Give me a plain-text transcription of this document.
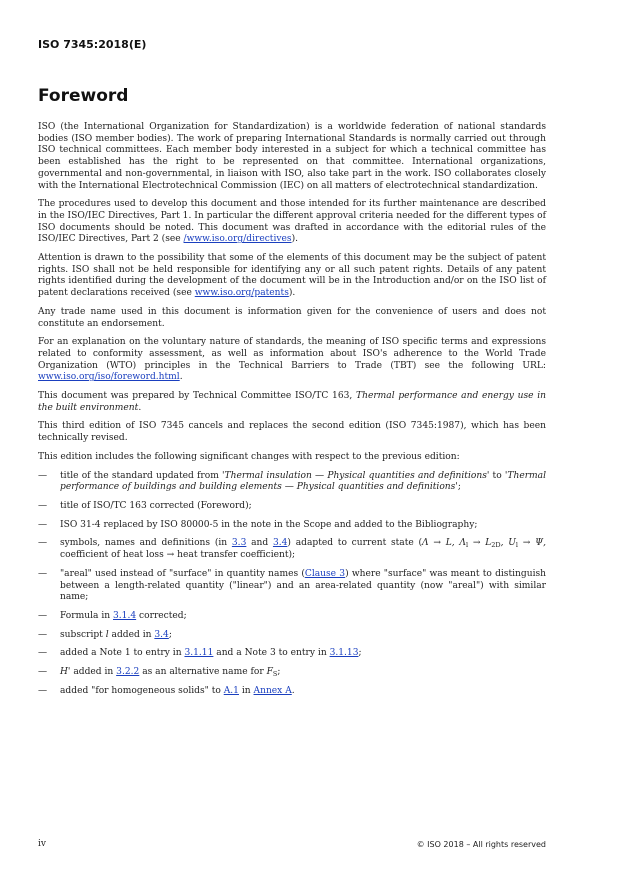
ISO 7345:2018(E)
Foreword

ISO (the International Organization for Standardization) is a worldwide federation of national standards bodies (ISO member bodies). The work of preparing International Standards is normally carried out through ISO technical committees. Each member body interested in a subject for which a technical committee has been established has the right to be represented on that committee. International organizations, governmental and non-governmental, in liaison with ISO, also take part in the work. ISO collaborates closely with the International Electrotechnical Commission (IEC) on all matters of electrotechnical standardization.

The procedures used to develop this document and those intended for its further maintenance are described in the ISO/IEC Directives, Part 1. In particular the different approval criteria needed for the different types of ISO documents should be noted. This document was drafted in accordance with the editorial rules of the ISO/IEC Directives, Part 2 (see /www.iso.org/directives).

Attention is drawn to the possibility that some of the elements of this document may be the subject of patent rights. ISO shall not be held responsible for identifying any or all such patent rights. Details of any patent rights identified during the development of the document will be in the Introduction and/or on the ISO list of patent declarations received (see www.iso.org/patents).

Any trade name used in this document is information given for the convenience of users and does not constitute an endorsement.

For an explanation on the voluntary nature of standards, the meaning of ISO specific terms and expressions related to conformity assessment, as well as information about ISO's adherence to the World Trade Organization (WTO) principles in the Technical Barriers to Trade (TBT) see the following URL: www.iso.org/iso/foreword.html.

This document was prepared by Technical Committee ISO/TC 163, Thermal performance and energy use in the built environment.

This third edition of ISO 7345 cancels and replaces the second edition (ISO 7345:1987), which has been technically revised.

This edition includes the following significant changes with respect to the previous edition:

—	title of the standard updated from 'Thermal insulation — Physical quantities and definitions' to 'Thermal performance of buildings and building elements — Physical quantities and definitions';
—	title of ISO/TC 163 corrected (Foreword);
—	ISO 31-4 replaced by ISO 80000-5 in the note in the Scope and added to the Bibliography;
—	symbols, names and definitions (in 3.3 and 3.4) adapted to current state (Λ → L, $\Lambda_l \to L_{2D}$, $U_l \to \Psi$, coefficient of heat loss → heat transfer coefficient);
—	"areal" used instead of "surface" in quantity names (Clause 3) where "surface" was meant to distinguish between a length-related quantity ("linear") and an area-related quantity (now "areal") with similar name;
—	Formula in 3.1.4 corrected;
—	subscript l added in 3.4;
—	added a Note 1 to entry in 3.1.11 and a Note 3 to entry in 3.1.13;
—	H' added in 3.2.2 as an alternative name for $F_S$;
—	added "for homogeneous solids" to A.1 in Annex A.
iv	© ISO 2018 – All rights reserved
